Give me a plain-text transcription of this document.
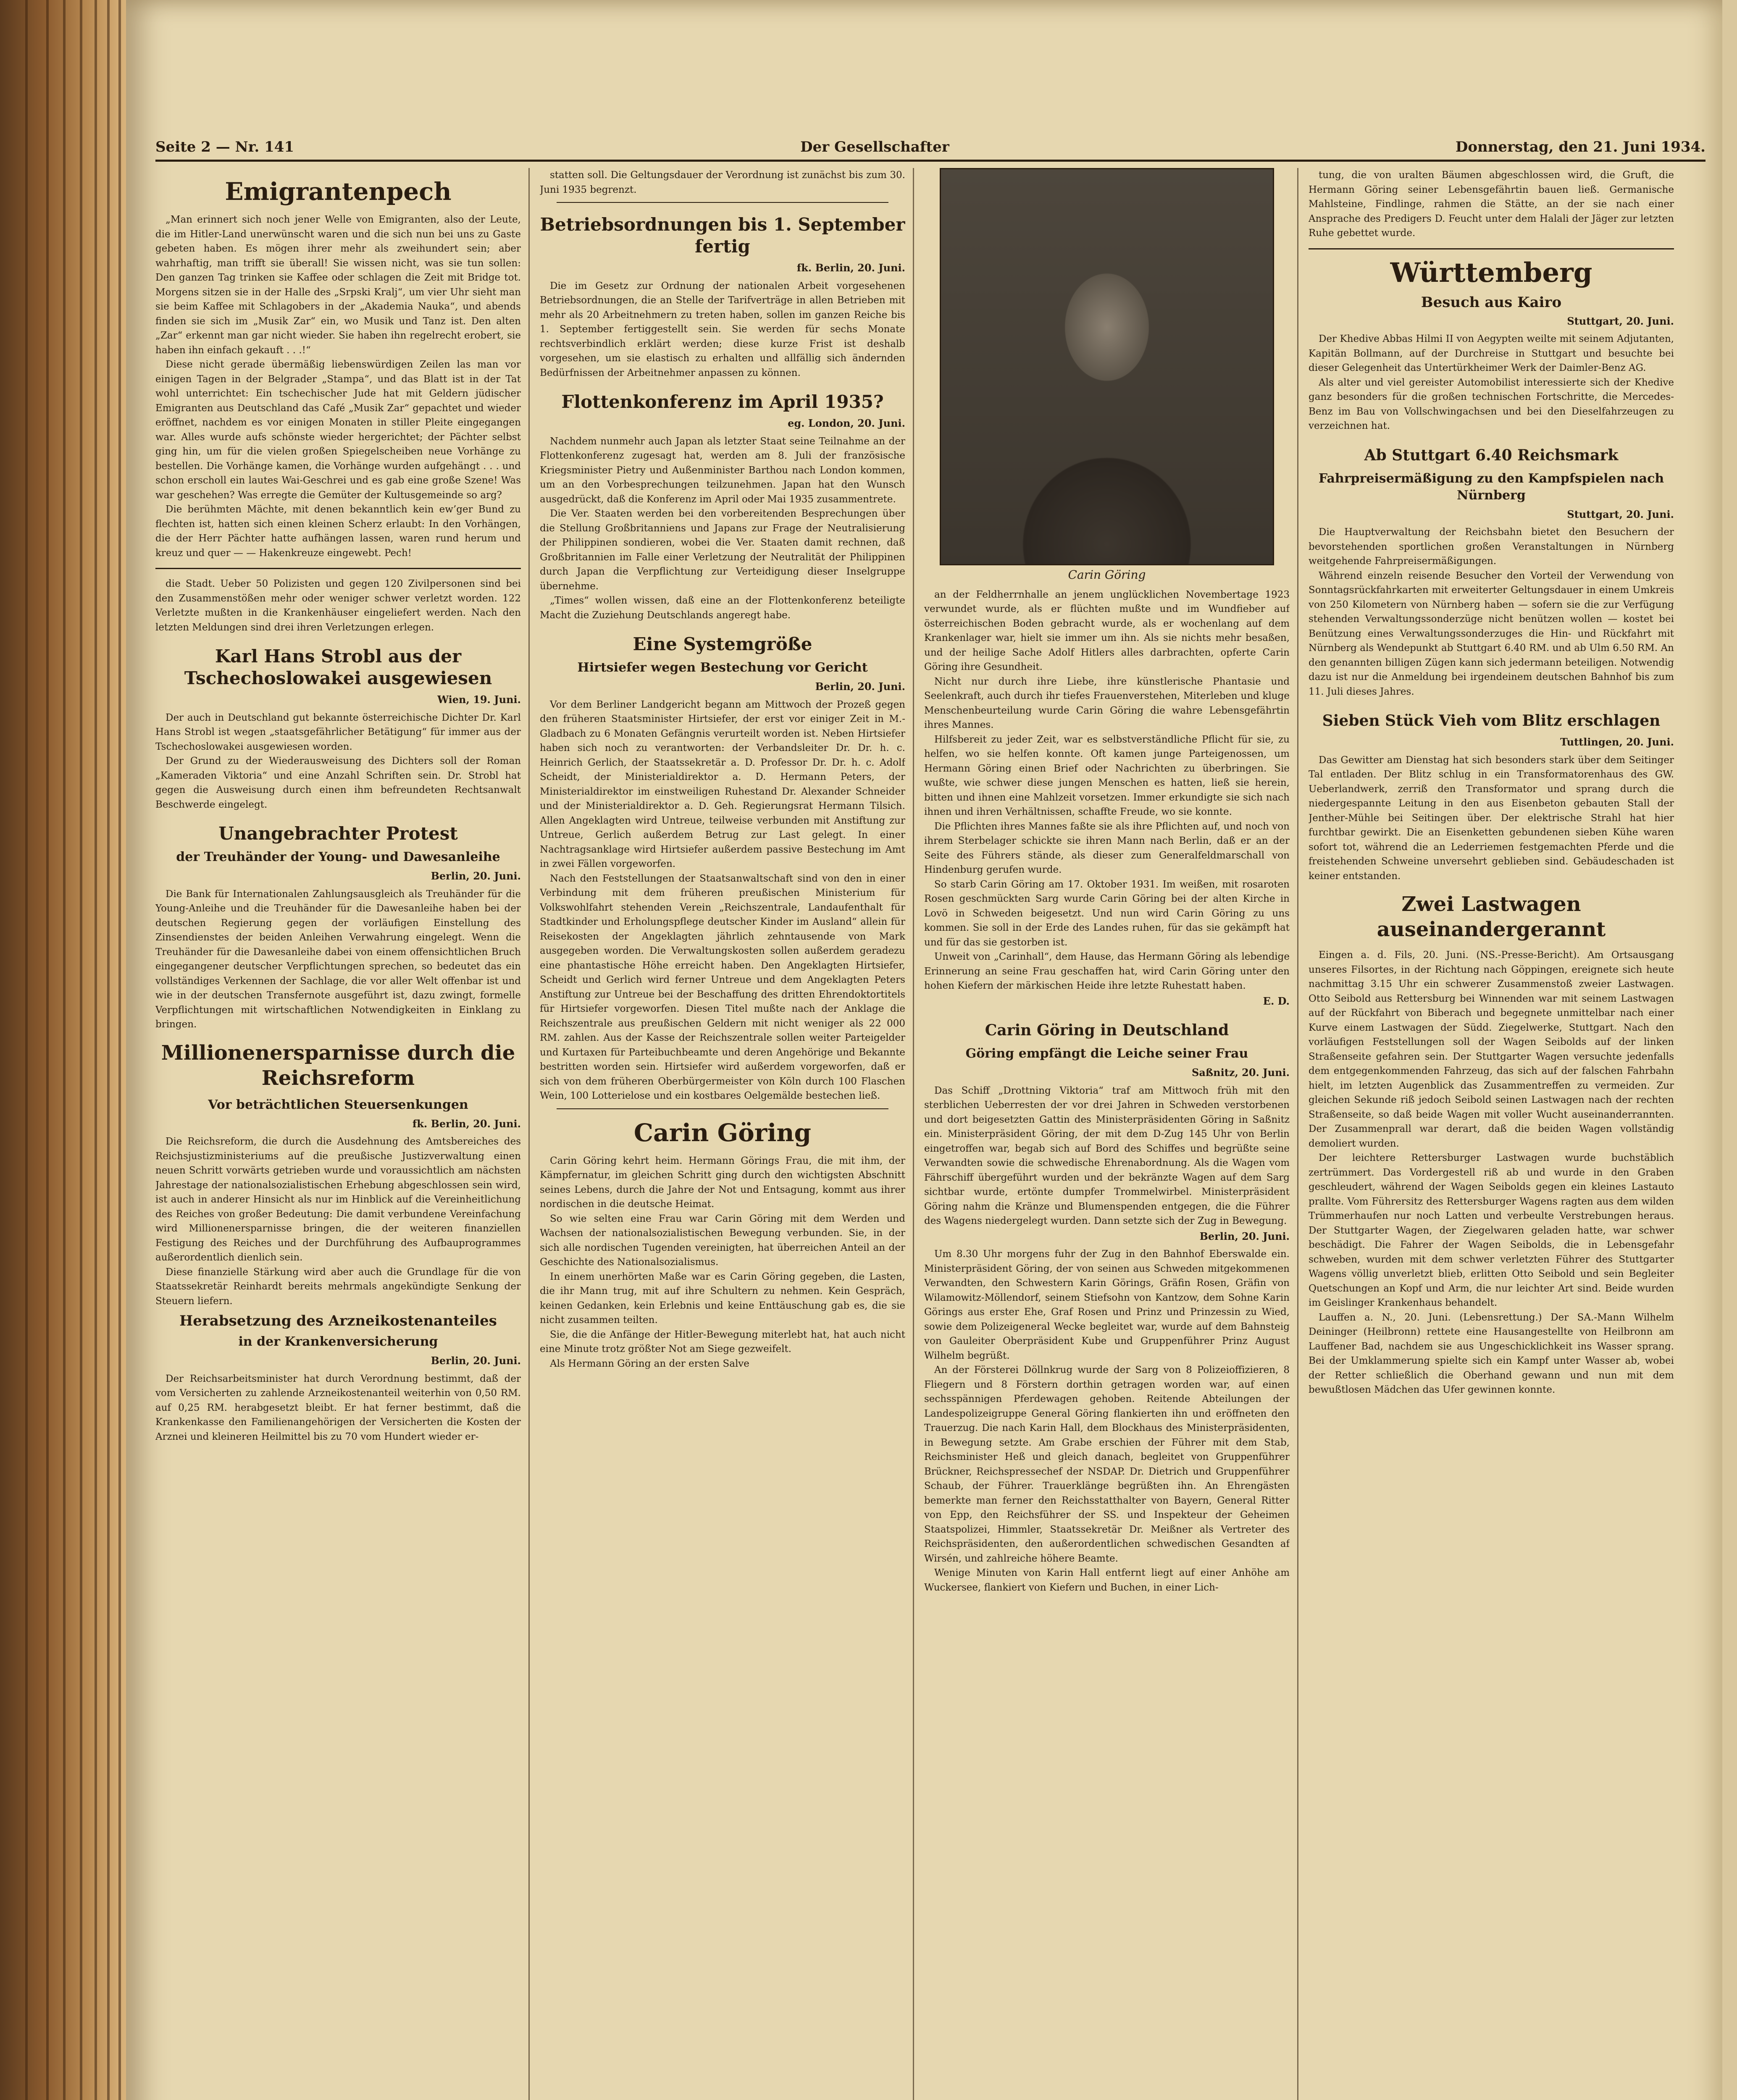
Seite 2 — Nr. 141	Der Gesellschafter	Donnerstag, den 21. Juni 1934.
Emigrantenpech

„Man erinnert sich noch jener Welle von Emigranten, also der Leute, die im Hitler-Land unerwünscht waren und die sich nun bei uns zu Gaste gebeten haben. Es mögen ihrer mehr als zweihundert sein; aber wahrhaftig, man trifft sie überall! Sie wissen nicht, was sie tun sollen: Den ganzen Tag trinken sie Kaffee oder schlagen die Zeit mit Bridge tot. Morgens sitzen sie in der Halle des „Srpski Kralj“, um vier Uhr sieht man sie beim Kaffee mit Schlagobers in der „Akademia Nauka“, und abends finden sie sich im „Musik Zar“ ein, wo Musik und Tanz ist. Den alten „Zar“ erkennt man gar nicht wieder. Sie haben ihn regelrecht erobert, sie haben ihn einfach gekauft . . .!“

Diese nicht gerade übermäßig liebenswürdigen Zeilen las man vor einigen Tagen in der Belgrader „Stampa“, und das Blatt ist in der Tat wohl unterrichtet: Ein tschechischer Jude hat mit Geldern jüdischer Emigranten aus Deutschland das Café „Musik Zar“ gepachtet und wieder eröffnet, nachdem es vor einigen Monaten in stiller Pleite eingegangen war. Alles wurde aufs schönste wieder hergerichtet; der Pächter selbst ging hin, um für die vielen großen Spiegelscheiben neue Vorhänge zu bestellen. Die Vorhänge kamen, die Vorhänge wurden aufgehängt . . . und schon erscholl ein lautes Wai-Geschrei und es gab eine große Szene! Was war geschehen? Was erregte die Gemüter der Kultusgemeinde so arg?

Die berühmten Mächte, mit denen bekanntlich kein ew’ger Bund zu flechten ist, hatten sich einen kleinen Scherz erlaubt: In den Vorhängen, die der Herr Pächter hatte aufhängen lassen, waren rund herum und kreuz und quer — — Hakenkreuze eingewebt. Pech!

die Stadt. Ueber 50 Polizisten und gegen 120 Zivilpersonen sind bei den Zusammenstößen mehr oder weniger schwer verletzt worden. 122 Verletzte mußten in die Krankenhäuser eingeliefert werden. Nach den letzten Meldungen sind drei ihren Verletzungen erlegen.

Karl Hans Strobl aus der Tschechoslowakei ausgewiesen
Wien, 19. Juni.

Der auch in Deutschland gut bekannte österreichische Dichter Dr. Karl Hans Strobl ist wegen „staatsgefährlicher Betätigung“ für immer aus der Tschechoslowakei ausgewiesen worden.

Der Grund zu der Wiederausweisung des Dichters soll der Roman „Kameraden Viktoria“ und eine Anzahl Schriften sein. Dr. Strobl hat gegen die Ausweisung durch einen ihm befreundeten Rechtsanwalt Beschwerde eingelegt.

Unangebrachter Protest
der Treuhänder der Young- und Dawesanleihe
Berlin, 20. Juni.

Die Bank für Internationalen Zahlungsausgleich als Treuhänder für die Young-Anleihe und die Treuhänder für die Dawesanleihe haben bei der deutschen Regierung gegen der vorläufigen Einstellung des Zinsendienstes der beiden Anleihen Verwahrung eingelegt. Wenn die Treuhänder für die Dawesanleihe dabei von einem offensichtlichen Bruch eingegangener deutscher Verpflichtungen sprechen, so bedeutet das ein vollständiges Verkennen der Sachlage, die vor aller Welt offenbar ist und wie in der deutschen Transfernote ausgeführt ist, dazu zwingt, formelle Verpflichtungen mit wirtschaftlichen Notwendigkeiten in Einklang zu bringen.

Millionenersparnisse durch die Reichsreform
Vor beträchtlichen Steuersenkungen
fk. Berlin, 20. Juni.

Die Reichsreform, die durch die Ausdehnung des Amtsbereiches des Reichsjustizministeriums auf die preußische Justizverwaltung einen neuen Schritt vorwärts getrieben wurde und voraussichtlich am nächsten Jahrestage der nationalsozialistischen Erhebung abgeschlossen sein wird, ist auch in anderer Hinsicht als nur im Hinblick auf die Vereinheitlichung des Reiches von großer Bedeutung: Die damit verbundene Vereinfachung wird Millionenersparnisse bringen, die der weiteren finanziellen Festigung des Reiches und der Durchführung des Aufbauprogrammes außerordentlich dienlich sein.

Diese finanzielle Stärkung wird aber auch die Grundlage für die von Staatssekretär Reinhardt bereits mehrmals angekündigte Senkung der Steuern liefern.

Herabsetzung des Arzneikostenanteiles
in der Krankenversicherung
Berlin, 20. Juni.

Der Reichsarbeitsminister hat durch Verordnung bestimmt, daß der vom Versicherten zu zahlende Arzneikostenanteil weiterhin von 0,50 RM. auf 0,25 RM. herabgesetzt bleibt. Er hat ferner bestimmt, daß die Krankenkasse den Familienangehörigen der Versicherten die Kosten der Arznei und kleineren Heilmittel bis zu 70 vom Hundert wieder er-

statten soll. Die Geltungsdauer der Verordnung ist zunächst bis zum 30. Juni 1935 begrenzt.

Betriebsordnungen bis 1. September fertig
fk. Berlin, 20. Juni.

Die im Gesetz zur Ordnung der nationalen Arbeit vorgesehenen Betriebsordnungen, die an Stelle der Tarifverträge in allen Betrieben mit mehr als 20 Arbeitnehmern zu treten haben, sollen im ganzen Reiche bis 1. September fertiggestellt sein. Sie werden für sechs Monate rechtsverbindlich erklärt werden; diese kurze Frist ist deshalb vorgesehen, um sie elastisch zu erhalten und allfällig sich ändernden Bedürfnissen der Arbeitnehmer anpassen zu können.

Flottenkonferenz im April 1935?
eg. London, 20. Juni.

Nachdem nunmehr auch Japan als letzter Staat seine Teilnahme an der Flottenkonferenz zugesagt hat, werden am 8. Juli der französische Kriegsminister Pietry und Außenminister Barthou nach London kommen, um an den Vorbesprechungen teilzunehmen. Japan hat den Wunsch ausgedrückt, daß die Konferenz im April oder Mai 1935 zusammentrete.

Die Ver. Staaten werden bei den vorbereitenden Besprechungen über die Stellung Großbritanniens und Japans zur Frage der Neutralisierung der Philippinen sondieren, wobei die Ver. Staaten damit rechnen, daß Großbritannien im Falle einer Verletzung der Neutralität der Philippinen durch Japan die Verpflichtung zur Verteidigung dieser Inselgruppe übernehme.

„Times“ wollen wissen, daß eine an der Flottenkonferenz beteiligte Macht die Zuziehung Deutschlands angeregt habe.

Eine Systemgröße
Hirtsiefer wegen Bestechung vor Gericht
Berlin, 20. Juni.

Vor dem Berliner Landgericht begann am Mittwoch der Prozeß gegen den früheren Staatsminister Hirtsiefer, der erst vor einiger Zeit in M.-Gladbach zu 6 Monaten Gefängnis verurteilt worden ist. Neben Hirtsiefer haben sich noch zu verantworten: der Verbandsleiter Dr. Dr. h. c. Heinrich Gerlich, der Staatssekretär a. D. Professor Dr. Dr. h. c. Adolf Scheidt, der Ministerialdirektor a. D. Hermann Peters, der Ministerialdirektor im einstweiligen Ruhestand Dr. Alexander Schneider und der Ministerialdirektor a. D. Geh. Regierungsrat Hermann Tilsich. Allen Angeklagten wird Untreue, teilweise verbunden mit Anstiftung zur Untreue, Gerlich außerdem Betrug zur Last gelegt. In einer Nachtragsanklage wird Hirtsiefer außerdem passive Bestechung im Amt in zwei Fällen vorgeworfen.

Nach den Feststellungen der Staatsanwaltschaft sind von den in einer Verbindung mit dem früheren preußischen Ministerium für Volkswohlfahrt stehenden Verein „Reichszentrale, Landaufenthalt für Stadtkinder und Erholungspflege deutscher Kinder im Ausland“ allein für Reisekosten der Angeklagten jährlich zehntausende von Mark ausgegeben worden. Die Verwaltungskosten sollen außerdem geradezu eine phantastische Höhe erreicht haben. Den Angeklagten Hirtsiefer, Scheidt und Gerlich wird ferner Untreue und dem Angeklagten Peters Anstiftung zur Untreue bei der Beschaffung des dritten Ehrendoktortitels für Hirtsiefer vorgeworfen. Diesen Titel mußte nach der Anklage die Reichszentrale aus preußischen Geldern mit nicht weniger als 22 000 RM. zahlen. Aus der Kasse der Reichszentrale sollen weiter Parteigelder und Kurtaxen für Parteibuchbeamte und deren Angehörige und Bekannte bestritten worden sein. Hirtsiefer wird außerdem vorgeworfen, daß er sich von dem früheren Oberbürgermeister von Köln durch 100 Flaschen Wein, 100 Lotterielose und ein kostbares Oelgemälde bestechen ließ.

Carin Göring

Carin Göring kehrt heim. Hermann Görings Frau, die mit ihm, der Kämpfernatur, im gleichen Schritt ging durch den wichtigsten Abschnitt seines Lebens, durch die Jahre der Not und Entsagung, kommt aus ihrer nordischen in die deutsche Heimat.

So wie selten eine Frau war Carin Göring mit dem Werden und Wachsen der nationalsozialistischen Bewegung verbunden. Sie, in der sich alle nordischen Tugenden vereinigten, hat überreichen Anteil an der Geschichte des Nationalsozialismus.

In einem unerhörten Maße war es Carin Göring gegeben, die Lasten, die ihr Mann trug, mit auf ihre Schultern zu nehmen. Kein Gespräch, keinen Gedanken, kein Erlebnis und keine Enttäuschung gab es, die sie nicht zusammen teilten.

Sie, die die Anfänge der Hitler-Bewegung miterlebt hat, hat auch nicht eine Minute trotz größter Not am Siege gezweifelt.

Als Hermann Göring an der ersten Salve

Carin Göring

an der Feldherrnhalle an jenem unglücklichen Novembertage 1923 verwundet wurde, als er flüchten mußte und im Wundfieber auf österreichischen Boden gebracht wurde, als er wochenlang auf dem Krankenlager war, hielt sie immer um ihn. Als sie nichts mehr besaßen, und der heilige Sache Adolf Hitlers alles darbrachten, opferte Carin Göring ihre Gesundheit.

Nicht nur durch ihre Liebe, ihre künstlerische Phantasie und Seelenkraft, auch durch ihr tiefes Frauenverstehen, Miterleben und kluge Menschenbeurteilung wurde Carin Göring die wahre Lebensgefährtin ihres Mannes.

Hilfsbereit zu jeder Zeit, war es selbstverständliche Pflicht für sie, zu helfen, wo sie helfen konnte. Oft kamen junge Parteigenossen, um Hermann Göring einen Brief oder Nachrichten zu überbringen. Sie wußte, wie schwer diese jungen Menschen es hatten, ließ sie herein, bitten und ihnen eine Mahlzeit vorsetzen. Immer erkundigte sie sich nach ihnen und ihren Verhältnissen, schaffte Freude, wo sie konnte.

Die Pflichten ihres Mannes faßte sie als ihre Pflichten auf, und noch von ihrem Sterbelager schickte sie ihren Mann nach Berlin, daß er an der Seite des Führers stände, als dieser zum Generalfeldmarschall von Hindenburg gerufen wurde.

So starb Carin Göring am 17. Oktober 1931. Im weißen, mit rosaroten Rosen geschmückten Sarg wurde Carin Göring bei der alten Kirche in Lovö in Schweden beigesetzt. Und nun wird Carin Göring zu uns kommen. Sie soll in der Erde des Landes ruhen, für das sie gekämpft hat und für das sie gestorben ist.

Unweit von „Carinhall“, dem Hause, das Hermann Göring als lebendige Erinnerung an seine Frau geschaffen hat, wird Carin Göring unter den hohen Kiefern der märkischen Heide ihre letzte Ruhestatt haben.

E. D.
Carin Göring in Deutschland
Göring empfängt die Leiche seiner Frau
Saßnitz, 20. Juni.

Das Schiff „Drottning Viktoria“ traf am Mittwoch früh mit den sterblichen Ueberresten der vor drei Jahren in Schweden verstorbenen und dort beigesetzten Gattin des Ministerpräsidenten Göring in Saßnitz ein. Ministerpräsident Göring, der mit dem D-Zug 145 Uhr von Berlin eingetroffen war, begab sich auf Bord des Schiffes und begrüßte seine Verwandten sowie die schwedische Ehrenabordnung. Als die Wagen vom Fährschiff übergeführt wurden und der bekränzte Wagen auf dem Sarg sichtbar wurde, ertönte dumpfer Trommelwirbel. Ministerpräsident Göring nahm die Kränze und Blumenspenden entgegen, die die Führer des Wagens niedergelegt wurden. Dann setzte sich der Zug in Bewegung.

Berlin, 20. Juni.

Um 8.30 Uhr morgens fuhr der Zug in den Bahnhof Eberswalde ein. Ministerpräsident Göring, der von seinen aus Schweden mitgekommenen Verwandten, den Schwestern Karin Görings, Gräfin Rosen, Gräfin von Wilamowitz-Möllendorf, seinem Stiefsohn von Kantzow, dem Sohne Karin Görings aus erster Ehe, Graf Rosen und Prinz und Prinzessin zu Wied, sowie dem Polizeigeneral Wecke begleitet war, wurde auf dem Bahnsteig von Gauleiter Oberpräsident Kube und Gruppenführer Prinz August Wilhelm begrüßt.

An der Försterei Döllnkrug wurde der Sarg von 8 Polizeioffizieren, 8 Fliegern und 8 Förstern dorthin getragen worden war, auf einen sechsspännigen Pferdewagen gehoben. Reitende Abteilungen der Landespolizeigruppe General Göring flankierten ihn und eröffneten den Trauerzug. Die nach Karin Hall, dem Blockhaus des Ministerpräsidenten, in Bewegung setzte. Am Grabe erschien der Führer mit dem Stab, Reichsminister Heß und gleich danach, begleitet von Gruppenführer Brückner, Reichspressechef der NSDAP. Dr. Dietrich und Gruppenführer Schaub, der Führer. Trauerklänge begrüßten ihn. An Ehrengästen bemerkte man ferner den Reichsstatthalter von Bayern, General Ritter von Epp, den Reichsführer der SS. und Inspekteur der Geheimen Staatspolizei, Himmler, Staatssekretär Dr. Meißner als Vertreter des Reichspräsidenten, den außerordentlichen schwedischen Gesandten af Wirsén, und zahlreiche höhere Beamte.

Wenige Minuten von Karin Hall entfernt liegt auf einer Anhöhe am Wuckersee, flankiert von Kiefern und Buchen, in einer Lich-

tung, die von uralten Bäumen abgeschlossen wird, die Gruft, die Hermann Göring seiner Lebensgefährtin bauen ließ. Germanische Mahlsteine, Findlinge, rahmen die Stätte, an der sie nach einer Ansprache des Predigers D. Feucht unter dem Halali der Jäger zur letzten Ruhe gebettet wurde.

Württemberg
Besuch aus Kairo
Stuttgart, 20. Juni.

Der Khedive Abbas Hilmi II von Aegypten weilte mit seinem Adjutanten, Kapitän Bollmann, auf der Durchreise in Stuttgart und besuchte bei dieser Gelegenheit das Untertürkheimer Werk der Daimler-Benz AG.

Als alter und viel gereister Automobilist interessierte sich der Khedive ganz besonders für die großen technischen Fortschritte, die Mercedes-Benz im Bau von Vollschwingachsen und bei den Dieselfahrzeugen zu verzeichnen hat.

Ab Stuttgart 6.40 Reichsmark
Fahrpreisermäßigung zu den Kampfspielen nach Nürnberg
Stuttgart, 20. Juni.

Die Hauptverwaltung der Reichsbahn bietet den Besuchern der bevorstehenden sportlichen großen Veranstaltungen in Nürnberg weitgehende Fahrpreisermäßigungen.

Während einzeln reisende Besucher den Vorteil der Verwendung von Sonntagsrückfahrkarten mit erweiterter Geltungsdauer in einem Umkreis von 250 Kilometern von Nürnberg haben — sofern sie die zur Verfügung stehenden Verwaltungssonderzüge nicht benützen wollen — kostet bei Benützung eines Verwaltungssonderzuges die Hin- und Rückfahrt mit Nürnberg als Wendepunkt ab Stuttgart 6.40 RM. und ab Ulm 6.50 RM. An den genannten billigen Zügen kann sich jedermann beteiligen. Notwendig dazu ist nur die Anmeldung bei irgendeinem deutschen Bahnhof bis zum 11. Juli dieses Jahres.

Sieben Stück Vieh vom Blitz erschlagen
Tuttlingen, 20. Juni.

Das Gewitter am Dienstag hat sich besonders stark über dem Seitinger Tal entladen. Der Blitz schlug in ein Transformatorenhaus des GW. Ueberlandwerk, zerriß den Transformator und sprang durch die niedergespannte Leitung in den aus Eisenbeton gebauten Stall der Jenther-Mühle bei Seitingen über. Der elektrische Strahl hat hier furchtbar gewirkt. Die an Eisenketten gebundenen sieben Kühe waren sofort tot, während die an Lederriemen festgemachten Pferde und die freistehenden Schweine unversehrt geblieben sind. Gebäudeschaden ist keiner entstanden.

Zwei Lastwagen auseinandergerannt

Eingen a. d. Fils, 20. Juni. (NS.-Presse-Bericht). Am Ortsausgang unseres Filsortes, in der Richtung nach Göppingen, ereignete sich heute nachmittag 3.15 Uhr ein schwerer Zusammenstoß zweier Lastwagen. Otto Seibold aus Rettersburg bei Winnenden war mit seinem Lastwagen auf der Rückfahrt von Biberach und begegnete unmittelbar nach einer Kurve einem Lastwagen der Südd. Ziegelwerke, Stuttgart. Nach den vorläufigen Feststellungen soll der Wagen Seibolds auf der linken Straßenseite gefahren sein. Der Stuttgarter Wagen versuchte jedenfalls dem entgegenkommenden Fahrzeug, das sich auf der falschen Fahrbahn hielt, im letzten Augenblick das Zusammentreffen zu vermeiden. Zur gleichen Sekunde riß jedoch Seibold seinen Lastwagen nach der rechten Straßenseite, so daß beide Wagen mit voller Wucht auseinanderrannten. Der Zusammenprall war derart, daß die beiden Wagen vollständig demoliert wurden.

Der leichtere Rettersburger Lastwagen wurde buchstäblich zertrümmert. Das Vordergestell riß ab und wurde in den Graben geschleudert, während der Wagen Seibolds gegen ein kleines Lastauto prallte. Vom Führersitz des Rettersburger Wagens ragten aus dem wilden Trümmerhaufen nur noch Latten und verbeulte Verstrebungen heraus. Der Stuttgarter Wagen, der Ziegelwaren geladen hatte, war schwer beschädigt. Die Fahrer der Wagen Seibolds, die in Lebensgefahr schweben, wurden mit dem schwer verletzten Führer des Stuttgarter Wagens völlig unverletzt blieb, erlitten Otto Seibold und sein Begleiter Quetschungen an Kopf und Arm, die nur leichter Art sind. Beide wurden im Geislinger Krankenhaus behandelt.

Lauffen a. N., 20. Juni. (Lebensrettung.) Der SA.-Mann Wilhelm Deininger (Heilbronn) rettete eine Hausangestellte von Heilbronn am Lauffener Bad, nachdem sie aus Ungeschicklichkeit ins Wasser sprang. Bei der Umklammerung spielte sich ein Kampf unter Wasser ab, wobei der Retter schließlich die Oberhand gewann und nun mit dem bewußtlosen Mädchen das Ufer gewinnen konnte.
